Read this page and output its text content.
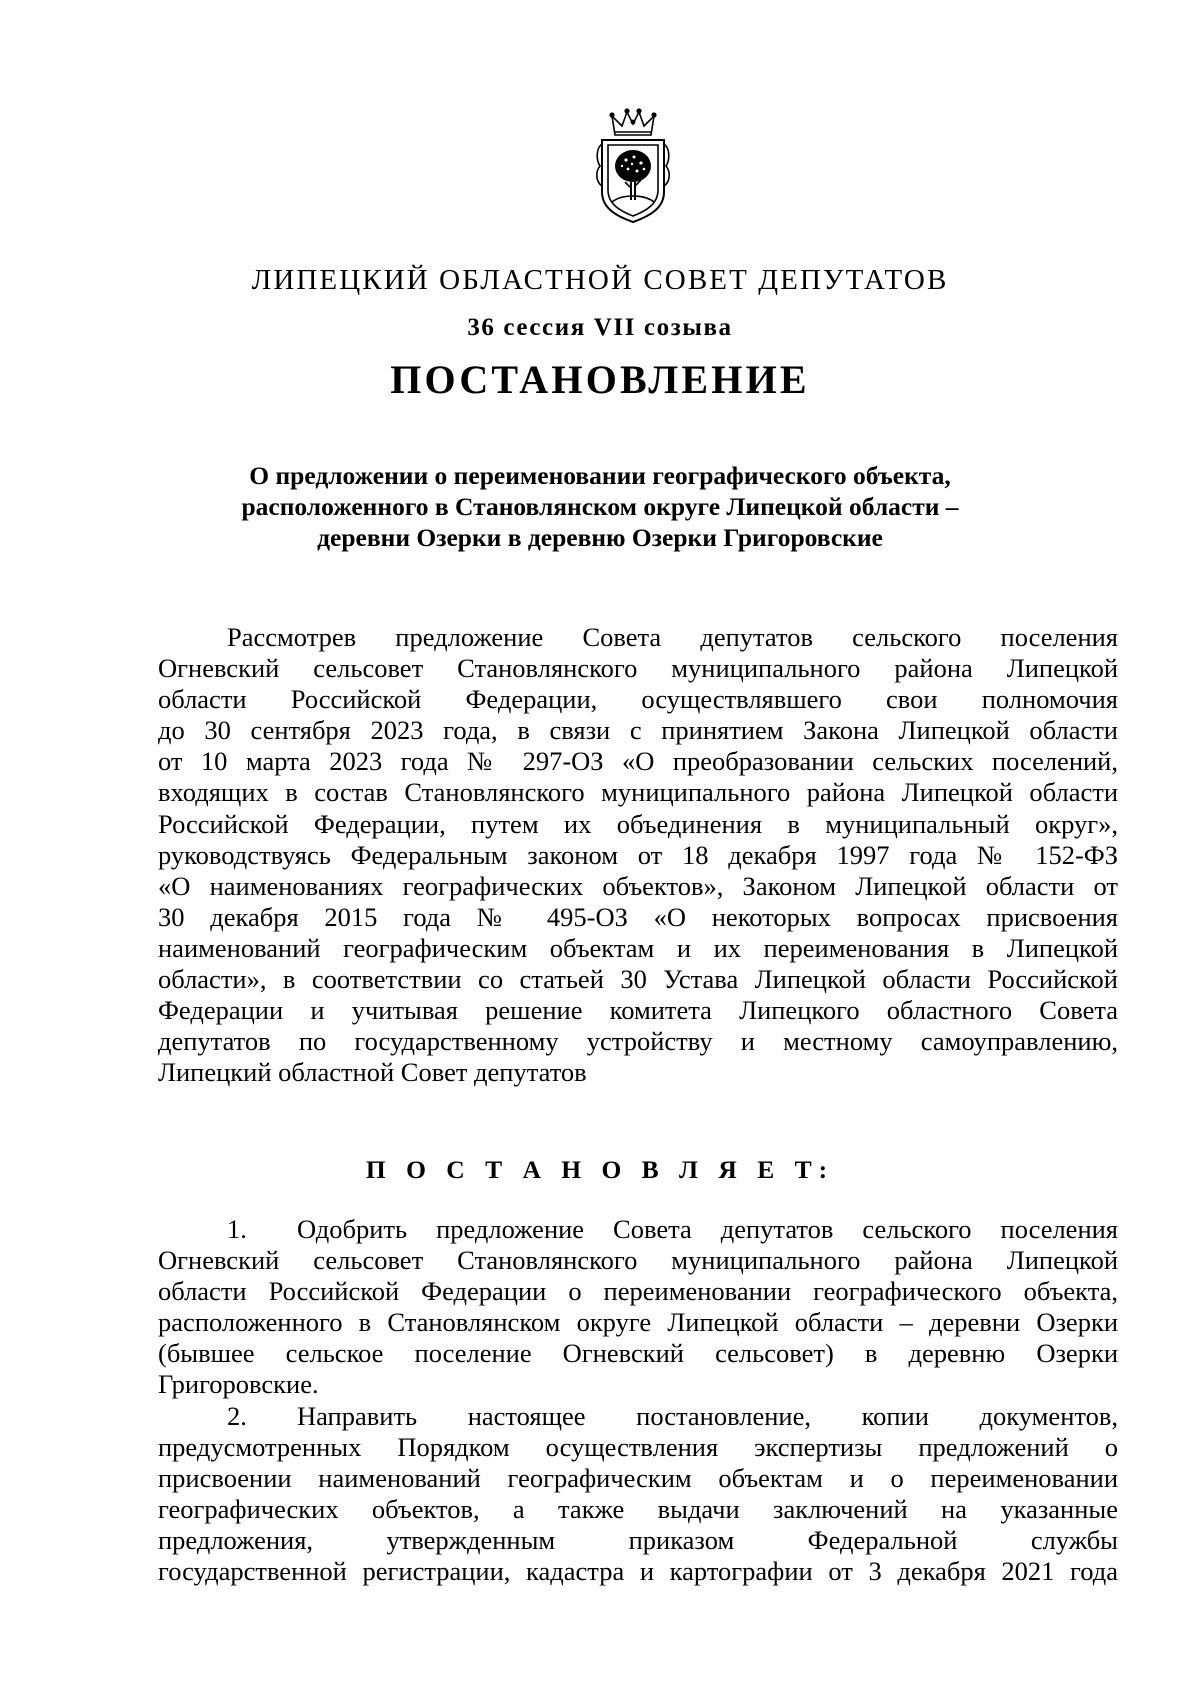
ЛИПЕЦКИЙ ОБЛАСТНОЙ СОВЕТ ДЕПУТАТОВ
36 сессия VII созыва
ПОСТАНОВЛЕНИЕ
О предложении о переименовании географического объекта,
расположенного в Становлянском округе Липецкой области –
деревни Озерки в деревню Озерки Григоровские
Рассмотрев предложение Совета депутатов сельского поселения
Огневский сельсовет Становлянского муниципального района Липецкой
области Российской Федерации, осуществлявшего свои полномочия
до 30 сентября 2023 года, в связи с принятием Закона Липецкой области
от 10 марта 2023 года № 297-ОЗ «О преобразовании сельских поселений,
входящих в состав Становлянского муниципального района Липецкой области
Российской Федерации, путем их объединения в муниципальный округ»,
руководствуясь Федеральным законом от 18 декабря 1997 года № 152-ФЗ
«О наименованиях географических объектов», Законом Липецкой области от
30 декабря 2015 года № 495-ОЗ «О некоторых вопросах присвоения
наименований географическим объектам и их переименования в Липецкой
области», в соответствии со статьей 30 Устава Липецкой области Российской
Федерации и учитывая решение комитета Липецкого областного Совета
депутатов по государственному устройству и местному самоуправлению,
Липецкий областной Совет депутатов
П О С Т А Н О В Л Я Е Т:
1.	Одобрить предложение Совета депутатов сельского поселения
Огневский сельсовет Становлянского муниципального района Липецкой
области Российской Федерации о переименовании географического объекта,
расположенного в Становлянском округе Липецкой области – деревни Озерки
(бывшее сельское поселение Огневский сельсовет) в деревню Озерки
Григоровские.
2.	Направить настоящее постановление, копии документов,
предусмотренных Порядком осуществления экспертизы предложений о
присвоении наименований географическим объектам и о переименовании
географических объектов, а также выдачи заключений на указанные
предложения, утвержденным приказом Федеральной службы
государственной регистрации, кадастра и картографии от 3 декабря 2021 года
